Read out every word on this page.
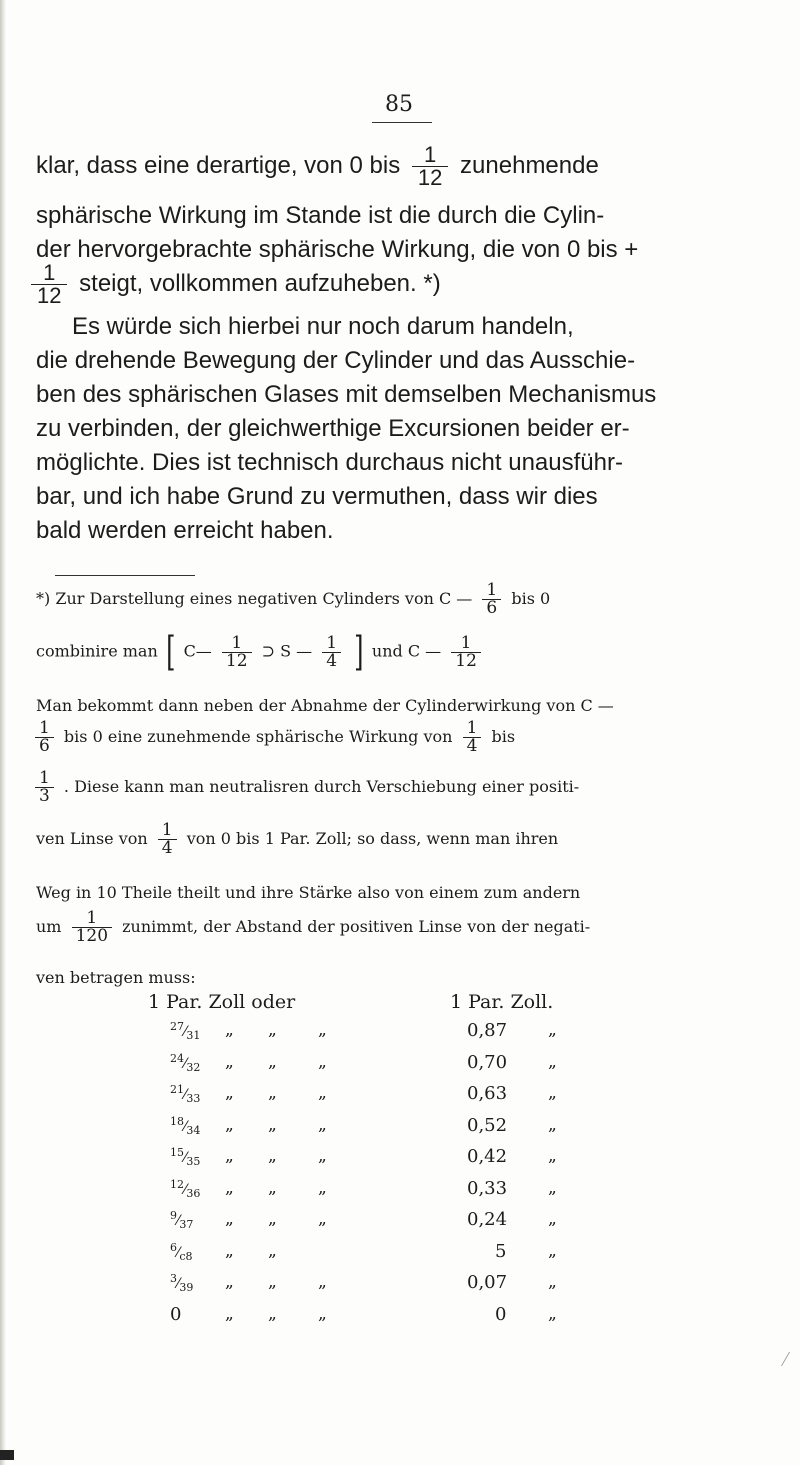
85
klar, dass eine derartige, von 0 bis $\frac{1}{12}$ zunehmende
sphärische Wirkung im Stande ist die durch die Cylin-
der hervorgebrachte sphärische Wirkung, die von 0 bis +
$\frac{1}{12}$ steigt, vollkommen aufzuheben. *)
Es würde sich hierbei nur noch darum handeln,
die drehende Bewegung der Cylinder und das Ausschie-
ben des sphärischen Glases mit demselben Mechanismus
zu verbinden, der gleichwerthige Excursionen beider er-
möglichte. Dies ist technisch durchaus nicht unausführ-
bar, und ich habe Grund zu vermuthen, dass wir dies
bald werden erreicht haben.
*) Zur Darstellung eines negativen Cylinders von C — $\frac{1}{6}$ bis 0
combinire man [ C— $\frac{1}{12}$ ⊃ S — $\frac{1}{4}$ ] und C — $\frac{1}{12}$
Man bekommt dann neben der Abnahme der Cylinderwirkung von C —
$\frac{1}{6}$ bis 0 eine zunehmende sphärische Wirkung von $\frac{1}{4}$ bis
$\frac{1}{3}$ . Diese kann man neutralisren durch Verschiebung einer positi-
ven Linse von $\frac{1}{4}$ von 0 bis 1 Par. Zoll; so dass, wenn man ihren
Weg in 10 Theile theilt und ihre Stärke also von einem zum andern
um $\frac{1}{120}$ zunimmt, der Abstand der positiven Linse von der negati-
ven betragen muss:
1 Par. Zoll oder	1 Par. Zoll.
$^{27}⁄_{31}$ „ „ „	0,87 „
$^{24}⁄_{32}$ „ „ „	0,70 „
$^{21}⁄_{33}$ „ „ „	0,63 „
$^{18}⁄_{34}$ „ „ „	0,52 „
$^{15}⁄_{35}$ „ „ „	0,42 „
$^{12}⁄_{36}$ „ „ „	0,33 „
$^9⁄_{37}$ „ „ „	0,24 „
$^6⁄_{c8}$ „ „	5 „
$^3⁄_{39}$ „ „ „	0,07 „
0	„ „ „	0 „
